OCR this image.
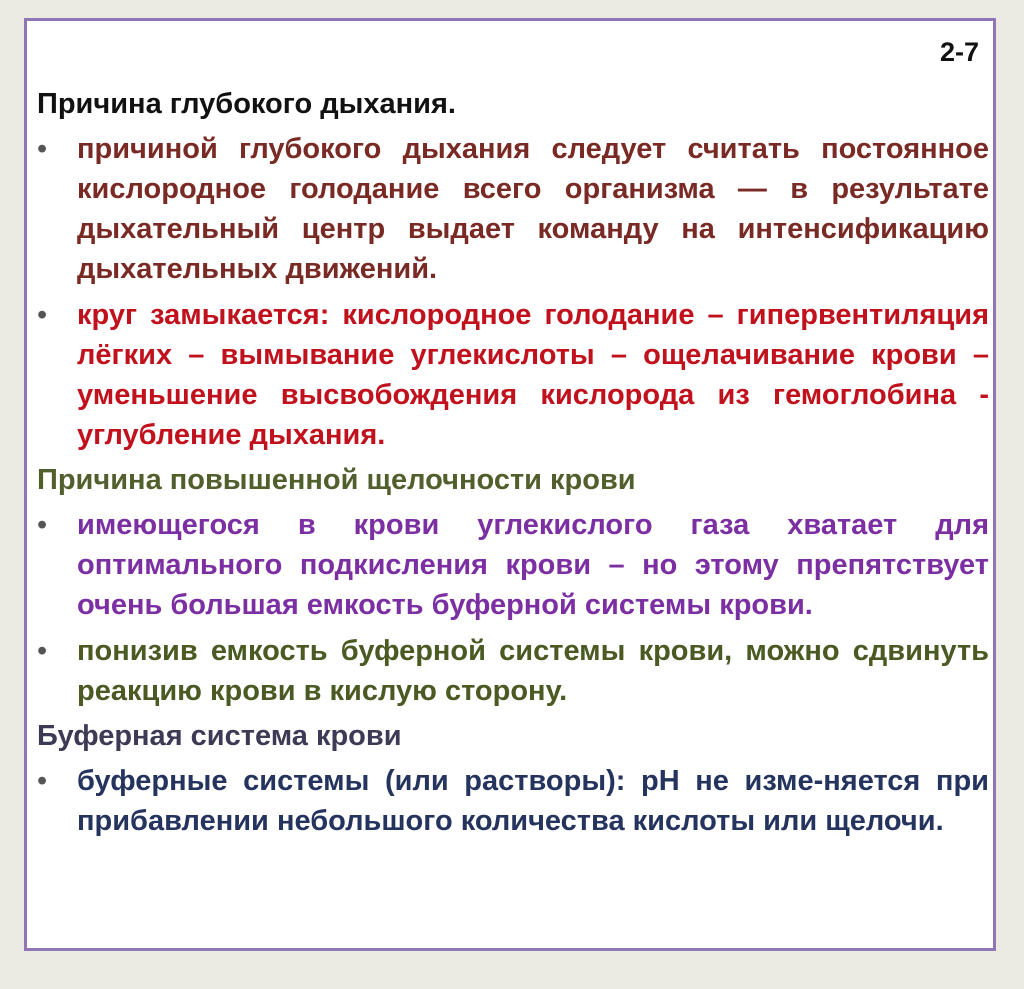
2-7
Причина глубокого дыхания.
• причиной глубокого дыхания следует считать постоянное кислородное голодание всего организма — в результате дыхательный центр выдает команду на интенсификацию дыхательных движений.
• круг замыкается: кислородное голодание – гипервентиляция лёгких – вымывание углекислоты – ощелачивание крови – уменьшение высвобождения кислорода из гемоглобина - углубление дыхания.
Причина повышенной щелочности крови
• имеющегося в крови углекислого газа хватает для оптимального подкисления крови – но этому препятствует очень большая емкость буферной системы крови.
• понизив емкость буферной системы крови, можно сдвинуть реакцию крови в кислую сторону.
Буферная система крови
• буферные системы (или растворы): рН не изме-няется при прибавлении небольшого количества кислоты или щелочи.
